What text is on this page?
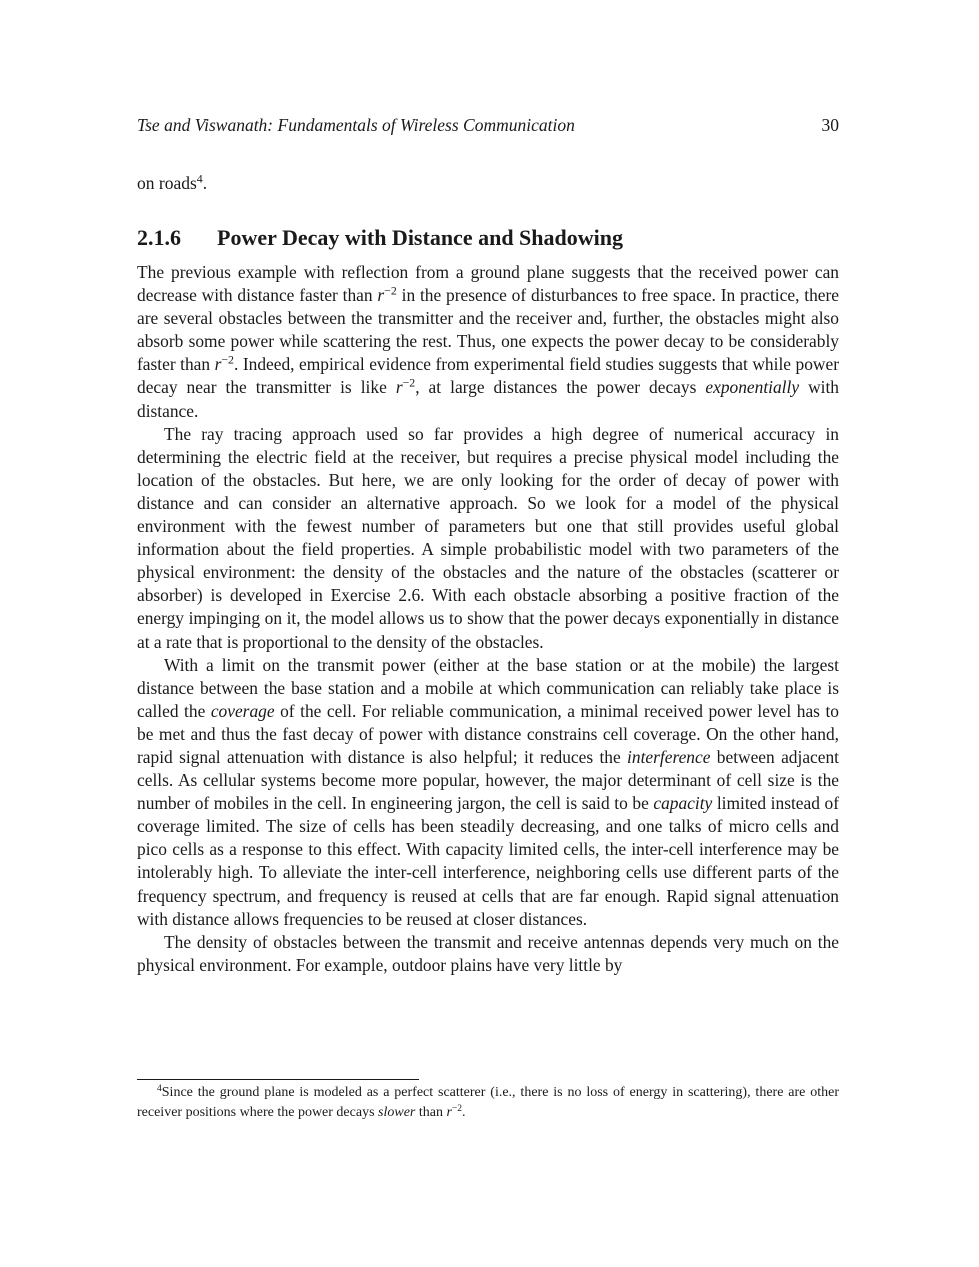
Tse and Viswanath: Fundamentals of Wireless Communication	30
on roads$^4$.
2.1.6 Power Decay with Distance and Shadowing

The previous example with reflection from a ground plane suggests that the received power can decrease with distance faster than $r^{-2}$ in the presence of disturbances to free space. In practice, there are several obstacles between the transmitter and the receiver and, further, the obstacles might also absorb some power while scattering the rest. Thus, one expects the power decay to be considerably faster than $r^{-2}$. Indeed, empirical evidence from experimental field studies suggests that while power decay near the transmitter is like $r^{-2}$, at large distances the power decays exponentially with distance.

The ray tracing approach used so far provides a high degree of numerical accuracy in determining the electric field at the receiver, but requires a precise physical model including the location of the obstacles. But here, we are only looking for the order of decay of power with distance and can consider an alternative approach. So we look for a model of the physical environment with the fewest number of parameters but one that still provides useful global information about the field properties. A simple probabilistic model with two parameters of the physical environment: the density of the obstacles and the nature of the obstacles (scatterer or absorber) is developed in Exercise 2.6. With each obstacle absorbing a positive fraction of the energy impinging on it, the model allows us to show that the power decays exponentially in distance at a rate that is proportional to the density of the obstacles.

With a limit on the transmit power (either at the base station or at the mobile) the largest distance between the base station and a mobile at which communication can reliably take place is called the coverage of the cell. For reliable communication, a minimal received power level has to be met and thus the fast decay of power with distance constrains cell coverage. On the other hand, rapid signal attenuation with distance is also helpful; it reduces the interference between adjacent cells. As cellular systems become more popular, however, the major determinant of cell size is the number of mobiles in the cell. In engineering jargon, the cell is said to be capacity limited instead of coverage limited. The size of cells has been steadily decreasing, and one talks of micro cells and pico cells as a response to this effect. With capacity limited cells, the inter-cell interference may be intolerably high. To alleviate the inter-cell interference, neighboring cells use different parts of the frequency spectrum, and frequency is reused at cells that are far enough. Rapid signal attenuation with distance allows frequencies to be reused at closer distances.

The density of obstacles between the transmit and receive antennas depends very much on the physical environment. For example, outdoor plains have very little by

$^4$Since the ground plane is modeled as a perfect scatterer (i.e., there is no loss of energy in scattering), there are other receiver positions where the power decays slower than $r^{-2}$.
